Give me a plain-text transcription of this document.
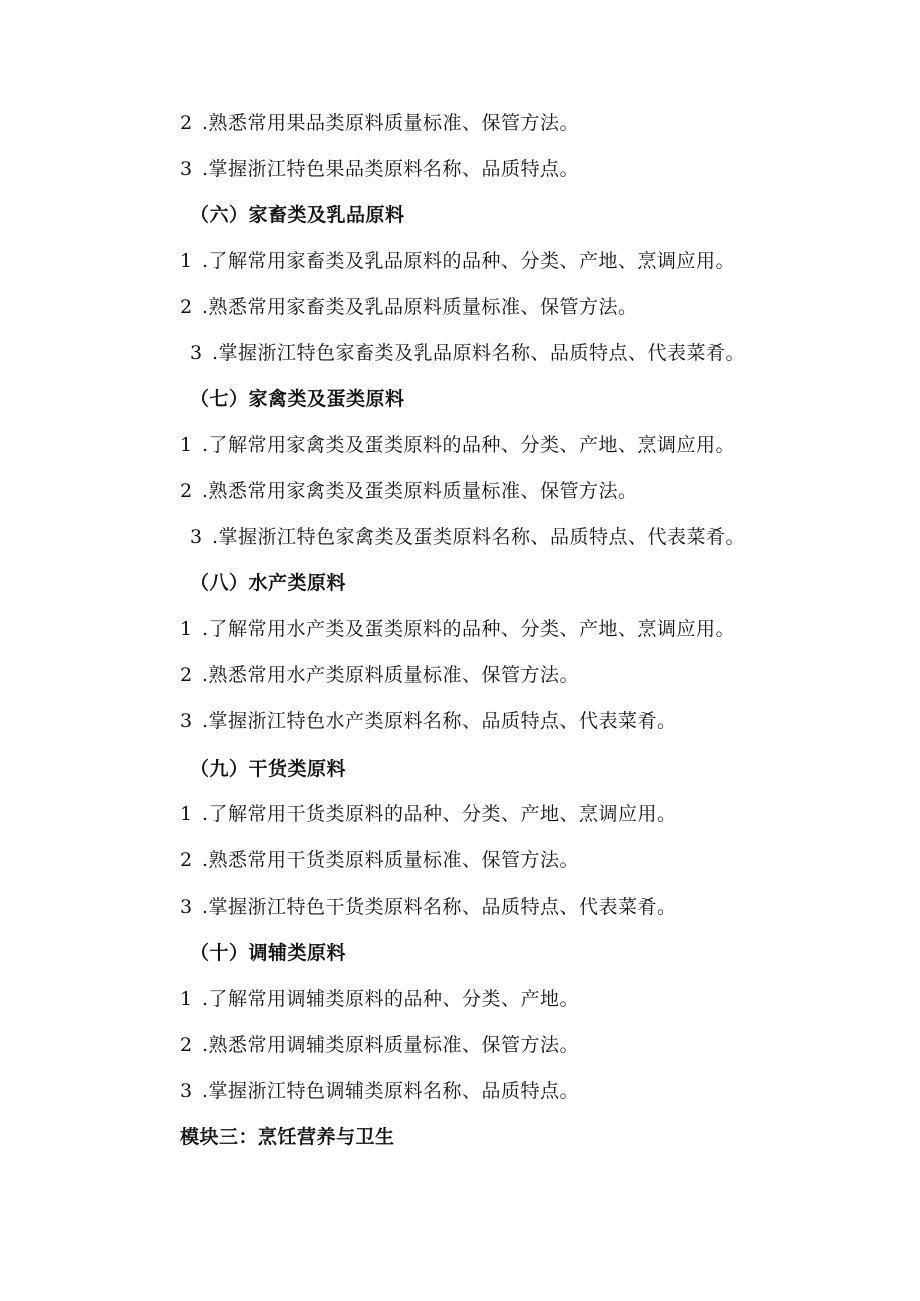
2 .熟悉常用果品类原料质量标准、保管方法。
3 .掌握浙江特色果品类原料名称、品质特点。
（六）家畜类及乳品原料
1 .了解常用家畜类及乳品原料的品种、分类、产地、烹调应用。
2 .熟悉常用家畜类及乳品原料质量标准、保管方法。
3 .掌握浙江特色家畜类及乳品原料名称、品质特点、代表菜肴。
（七）家禽类及蛋类原料
1 .了解常用家禽类及蛋类原料的品种、分类、产地、烹调应用。
2 .熟悉常用家禽类及蛋类原料质量标准、保管方法。
3 .掌握浙江特色家禽类及蛋类原料名称、品质特点、代表菜肴。
（八）水产类原料
1 .了解常用水产类及蛋类原料的品种、分类、产地、烹调应用。
2 .熟悉常用水产类原料质量标准、保管方法。
3 .掌握浙江特色水产类原料名称、品质特点、代表菜肴。
（九）干货类原料
1 .了解常用干货类原料的品种、分类、产地、烹调应用。
2 .熟悉常用干货类原料质量标准、保管方法。
3 .掌握浙江特色干货类原料名称、品质特点、代表菜肴。
（十）调辅类原料
1 .了解常用调辅类原料的品种、分类、产地。
2 .熟悉常用调辅类原料质量标准、保管方法。
3 .掌握浙江特色调辅类原料名称、品质特点。
模块三：烹饪营养与卫生
